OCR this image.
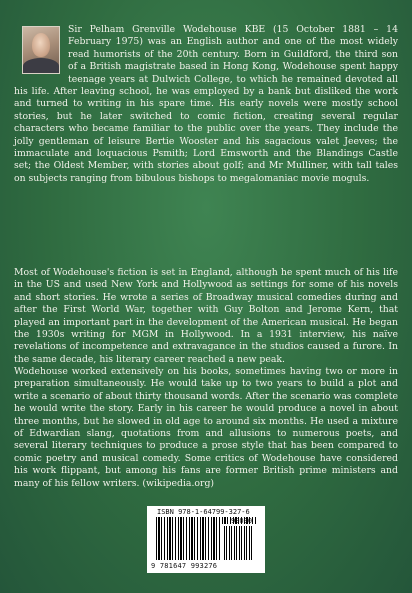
Sir Pelham Grenville Wodehouse KBE (15 October 1881 – 14 February 1975) was an English author and one of the most widely read humorists of the 20th century. Born in Guildford, the third son of a British magistrate based in Hong Kong, Wodehouse spent happy teenage years at Dulwich College, to which he remained devoted all his life. After leaving school, he was employed by a bank but disliked the work and turned to writing in his spare time. His early novels were mostly school stories, but he later switched to comic fiction, creating several regular characters who became familiar to the public over the years. They include the jolly gentleman of leisure Bertie Wooster and his sagacious valet Jeeves; the immaculate and loquacious Psmith; Lord Emsworth and the Blandings Castle set; the Oldest Member, with stories about golf; and Mr Mulliner, with tall tales on subjects ranging from bibulous bishops to megalomaniac movie moguls.

Most of Wodehouse's fiction is set in England, although he spent much of his life in the US and used New York and Hollywood as settings for some of his novels and short stories. He wrote a series of Broadway musical comedies during and after the First World War, together with Guy Bolton and Jerome Kern, that played an important part in the development of the American musical. He began the 1930s writing for MGM in Hollywood. In a 1931 interview, his naïve revelations of incompetence and extravagance in the studios caused a furore. In the same decade, his literary career reached a new peak.

Wodehouse worked extensively on his books, sometimes having two or more in preparation simultaneously. He would take up to two years to build a plot and write a scenario of about thirty thousand words. After the scenario was complete he would write the story. Early in his career he would produce a novel in about three months, but he slowed in old age to around six months. He used a mixture of Edwardian slang, quotations from and allusions to numerous poets, and several literary techniques to produce a prose style that has been compared to comic poetry and musical comedy. Some critics of Wodehouse have considered his work flippant, but among his fans are former British prime ministers and many of his fellow writers. (wikipedia.org)

ISBN 978-1-64799-327-6
90000
9 781647 993276
